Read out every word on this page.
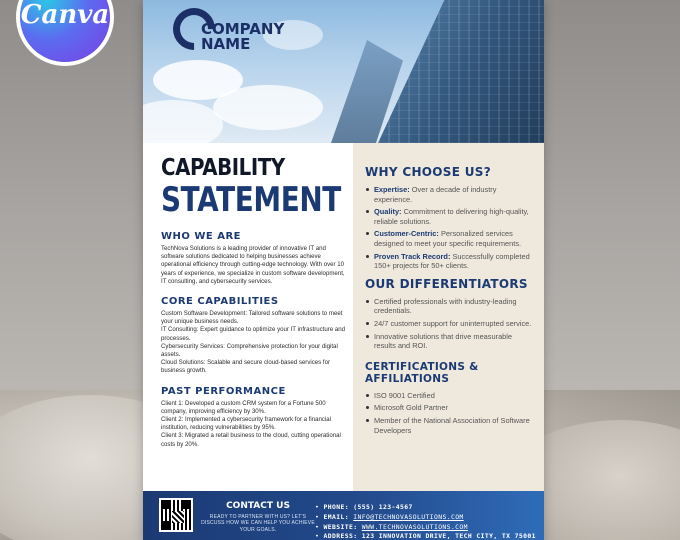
COMPANY
NAME
CAPABILITY
STATEMENT
WHO WE ARE
TechNova Solutions is a leading provider of innovative IT and software solutions dedicated to helping businesses achieve operational efficiency through cutting-edge technology. With over 10 years of experience, we specialize in custom software development, IT consulting, and cybersecurity services.
CORE CAPABILITIES
Custom Software Development: Tailored software solutions to meet your unique business needs.
IT Consulting: Expert guidance to optimize your IT infrastructure and processes.
Cybersecurity Services: Comprehensive protection for your digital assets.
Cloud Solutions: Scalable and secure cloud-based services for business growth.
PAST PERFORMANCE
Client 1: Developed a custom CRM system for a Fortune 500 company, improving efficiency by 30%.
Client 2: Implemented a cybersecurity framework for a financial institution, reducing vulnerabilities by 95%.
Client 3: Migrated a retail business to the cloud, cutting operational costs by 20%.
WHY CHOOSE US?
Expertise: Over a decade of industry experience.
Quality: Commitment to delivering high-quality, reliable solutions.
Customer-Centric: Personalized services designed to meet your specific requirements.
Proven Track Record: Successfully completed 150+ projects for 50+ clients.
OUR DIFFERENTIATORS
Certified professionals with industry-leading credentials.
24/7 customer support for uninterrupted service.
Innovative solutions that drive measurable results and ROI.
CERTIFICATIONS & AFFILIATIONS
ISO 9001 Certified
Microsoft Gold Partner
Member of the National Association of Software Developers
CONTACT US
READY TO PARTNER WITH US? LET'S DISCUSS HOW WE CAN HELP YOU ACHIEVE YOUR GOALS.
• PHONE: (555) 123-4567
• EMAIL: INFO@TECHNOVASOLUTIONS.COM
• WEBSITE: WWW.TECHNOVASOLUTIONS.COM
• ADDRESS: 123 INNOVATION DRIVE, TECH CITY, TX 75001
Canva
